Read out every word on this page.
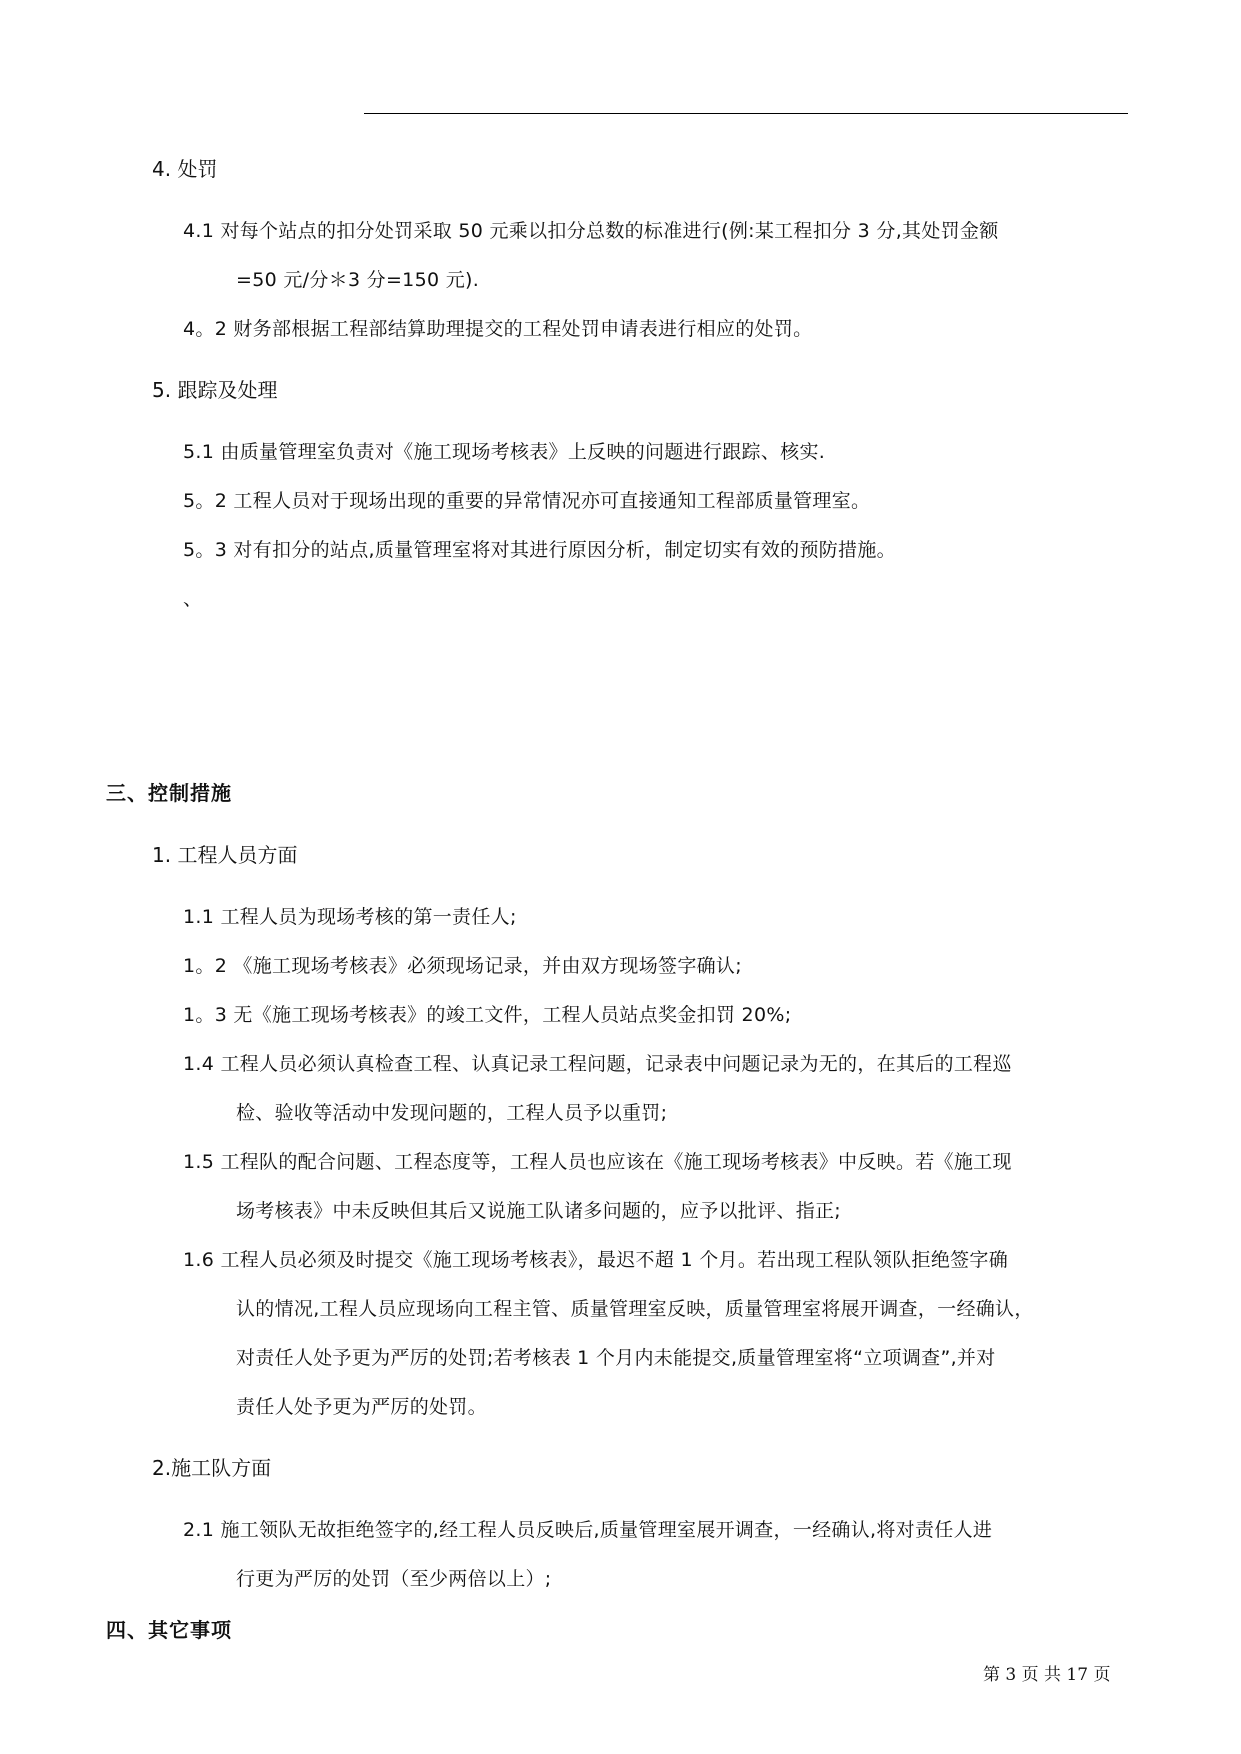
4. 处罚
4.1 对每个站点的扣分处罚采取 50 元乘以扣分总数的标准进行(例:某工程扣分 3 分,其处罚金额
=50 元/分＊3 分=150 元).
4。2 财务部根据工程部结算助理提交的工程处罚申请表进行相应的处罚。
5. 跟踪及处理
5.1 由质量管理室负责对《施工现场考核表》上反映的问题进行跟踪、核实.
5。2 工程人员对于现场出现的重要的异常情况亦可直接通知工程部质量管理室。
5。3 对有扣分的站点,质量管理室将对其进行原因分析，制定切实有效的预防措施。
、
三、控制措施
1. 工程人员方面
1.1 工程人员为现场考核的第一责任人;
1。2 《施工现场考核表》必须现场记录，并由双方现场签字确认;
1。3 无《施工现场考核表》的竣工文件，工程人员站点奖金扣罚 20%;
1.4 工程人员必须认真检查工程、认真记录工程问题，记录表中问题记录为无的，在其后的工程巡
检、验收等活动中发现问题的，工程人员予以重罚;
1.5 工程队的配合问题、工程态度等，工程人员也应该在《施工现场考核表》中反映。若《施工现
场考核表》中未反映但其后又说施工队诸多问题的，应予以批评、指正;
1.6 工程人员必须及时提交《施工现场考核表》，最迟不超 1 个月。若出现工程队领队拒绝签字确
认的情况,工程人员应现场向工程主管、质量管理室反映，质量管理室将展开调查，一经确认，
对责任人处予更为严厉的处罚;若考核表 1 个月内未能提交,质量管理室将“立项调查”,并对
责任人处予更为严厉的处罚。
2.施工队方面
2.1 施工领队无故拒绝签字的,经工程人员反映后,质量管理室展开调查，一经确认,将对责任人进
行更为严厉的处罚（至少两倍以上）;
四、其它事项
第 3 页 共 17 页
